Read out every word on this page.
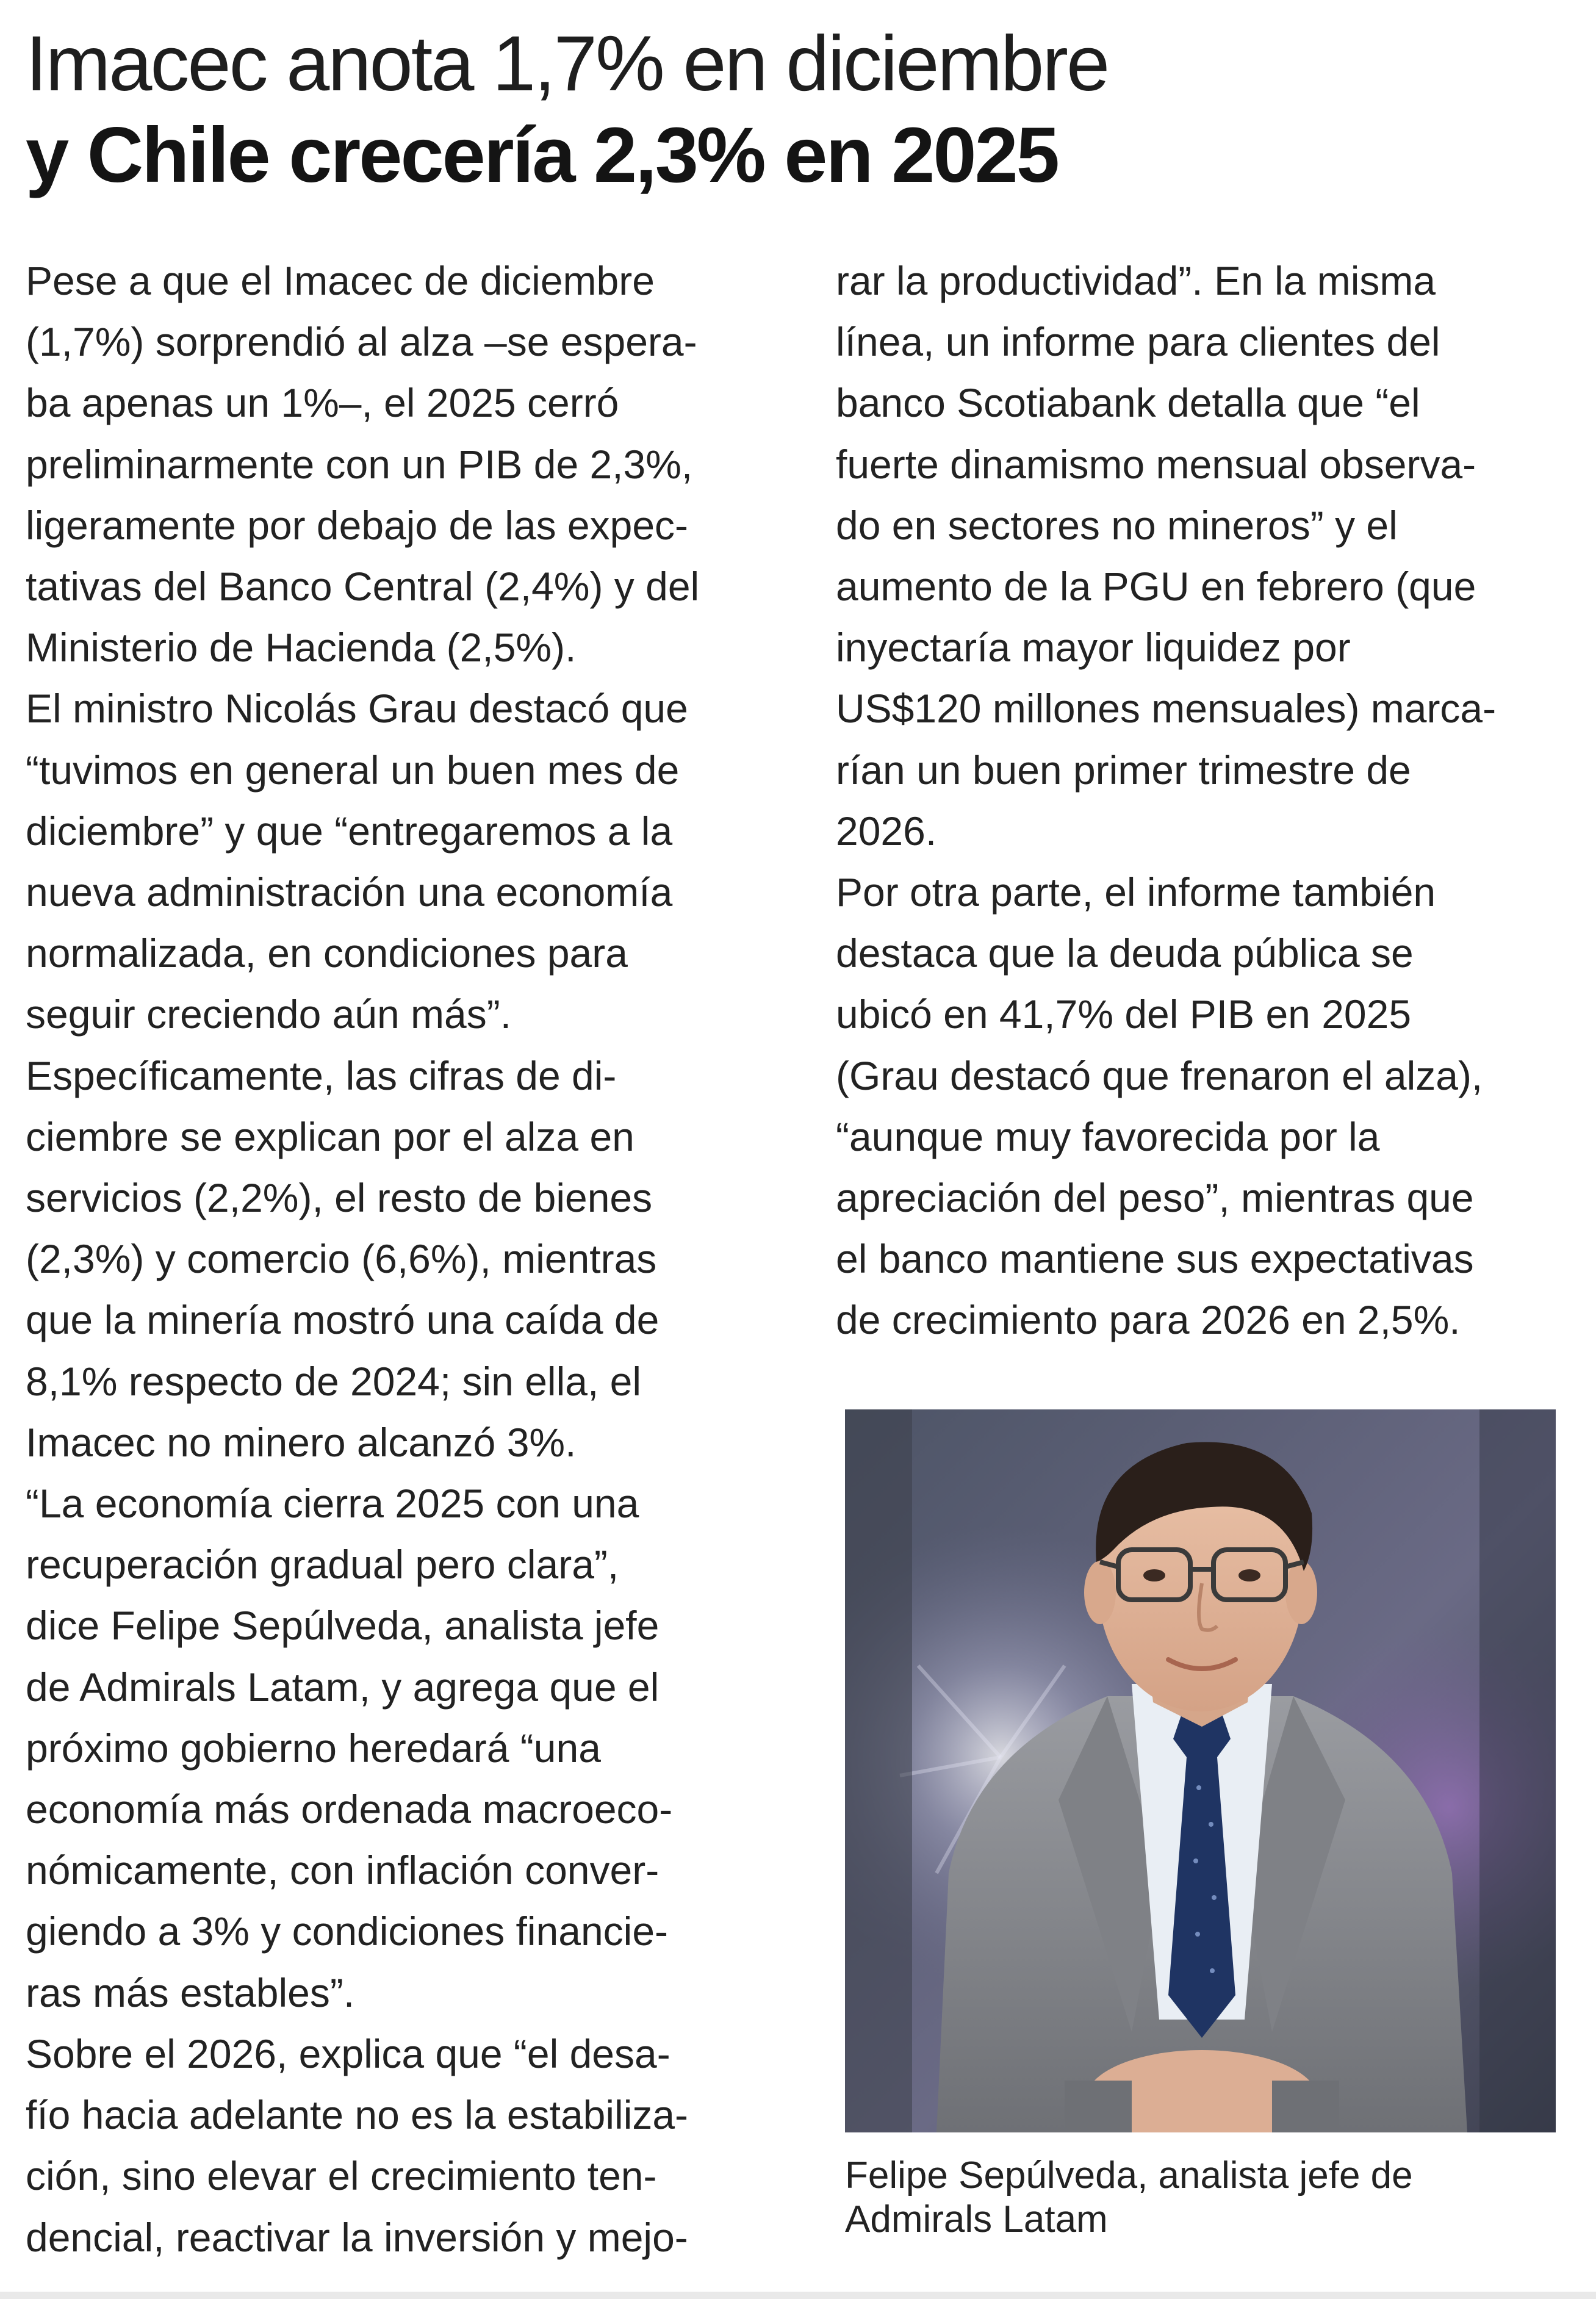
Imacec anota 1,7% en diciembre
y Chile crecería 2,3% en 2025

Pese a que el Imacec de diciembre
(1,7%) sorprendió al alza –se espera-
ba apenas un 1%–, el 2025 cerró
preliminarmente con un PIB de 2,3%,
ligeramente por debajo de las expec-
tativas del Banco Central (2,4%) y del
Ministerio de Hacienda (2,5%).

El ministro Nicolás Grau destacó que
“tuvimos en general un buen mes de
diciembre” y que “entregaremos a la
nueva administración una economía
normalizada, en condiciones para
seguir creciendo aún más”.

Específicamente, las cifras de di-
ciembre se explican por el alza en
servicios (2,2%), el resto de bienes
(2,3%) y comercio (6,6%), mientras
que la minería mostró una caída de
8,1% respecto de 2024; sin ella, el
Imacec no minero alcanzó 3%.

“La economía cierra 2025 con una
recuperación gradual pero clara”,
dice Felipe Sepúlveda, analista jefe
de Admirals Latam, y agrega que el
próximo gobierno heredará “una
economía más ordenada macroeco-
nómicamente, con inflación conver-
giendo a 3% y condiciones financie-
ras más estables”.

Sobre el 2026, explica que “el desa-
fío hacia adelante no es la estabiliza-
ción, sino elevar el crecimiento ten-
dencial, reactivar la inversión y mejo-

rar la productividad”. En la misma
línea, un informe para clientes del
banco Scotiabank detalla que “el
fuerte dinamismo mensual observa-
do en sectores no mineros” y el
aumento de la PGU en febrero (que
inyectaría mayor liquidez por
US$120 millones mensuales) marca-
rían un buen primer trimestre de
2026.

Por otra parte, el informe también
destaca que la deuda pública se
ubicó en 41,7% del PIB en 2025
(Grau destacó que frenaron el alza),
“aunque muy favorecida por la
apreciación del peso”, mientras que
el banco mantiene sus expectativas
de crecimiento para 2026 en 2,5%.

Felipe Sepúlveda, analista jefe de
Admirals Latam
